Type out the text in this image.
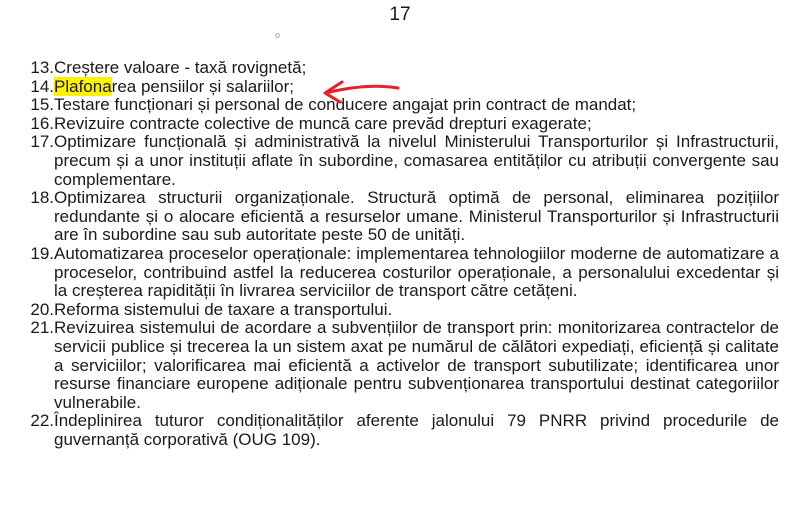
17
o
13. Creștere valoare - taxă rovignetă;
14. Plafonarea pensiilor și salariilor;
15. Testare funcționari și personal de conducere angajat prin contract de mandat;
16. Revizuire contracte colective de muncă care prevăd drepturi exagerate;
17. Optimizare funcțională și administrativă la nivelul Ministerului Transporturilor și Infrastructurii, precum și a unor instituții aflate în subordine, comasarea entităților cu atribuții convergente sau complementare.
18. Optimizarea structurii organizaționale. Structură optimă de personal, eliminarea pozițiilor redundante și o alocare eficientă a resurselor umane. Ministerul Transporturilor și Infrastructurii are în subordine sau sub autoritate peste 50 de unități.
19. Automatizarea proceselor operaționale: implementarea tehnologiilor moderne de automatizare a proceselor, contribuind astfel la reducerea costurilor operaționale, a personalului excedentar și la creșterea rapidității în livrarea serviciilor de transport către cetățeni.
20. Reforma sistemului de taxare a transportului.
21. Revizuirea sistemului de acordare a subvențiilor de transport prin: monitorizarea contractelor de servicii publice și trecerea la un sistem axat pe numărul de călători expediați, eficiență și calitate a serviciilor; valorificarea mai eficientă a activelor de transport subutilizate; identificarea unor resurse financiare europene adiționale pentru subvenționarea transportului destinat categoriilor vulnerabile.
22. Îndeplinirea tuturor condiționalităților aferente jalonului 79 PNRR privind procedurile de guvernanță corporativă (OUG 109).
